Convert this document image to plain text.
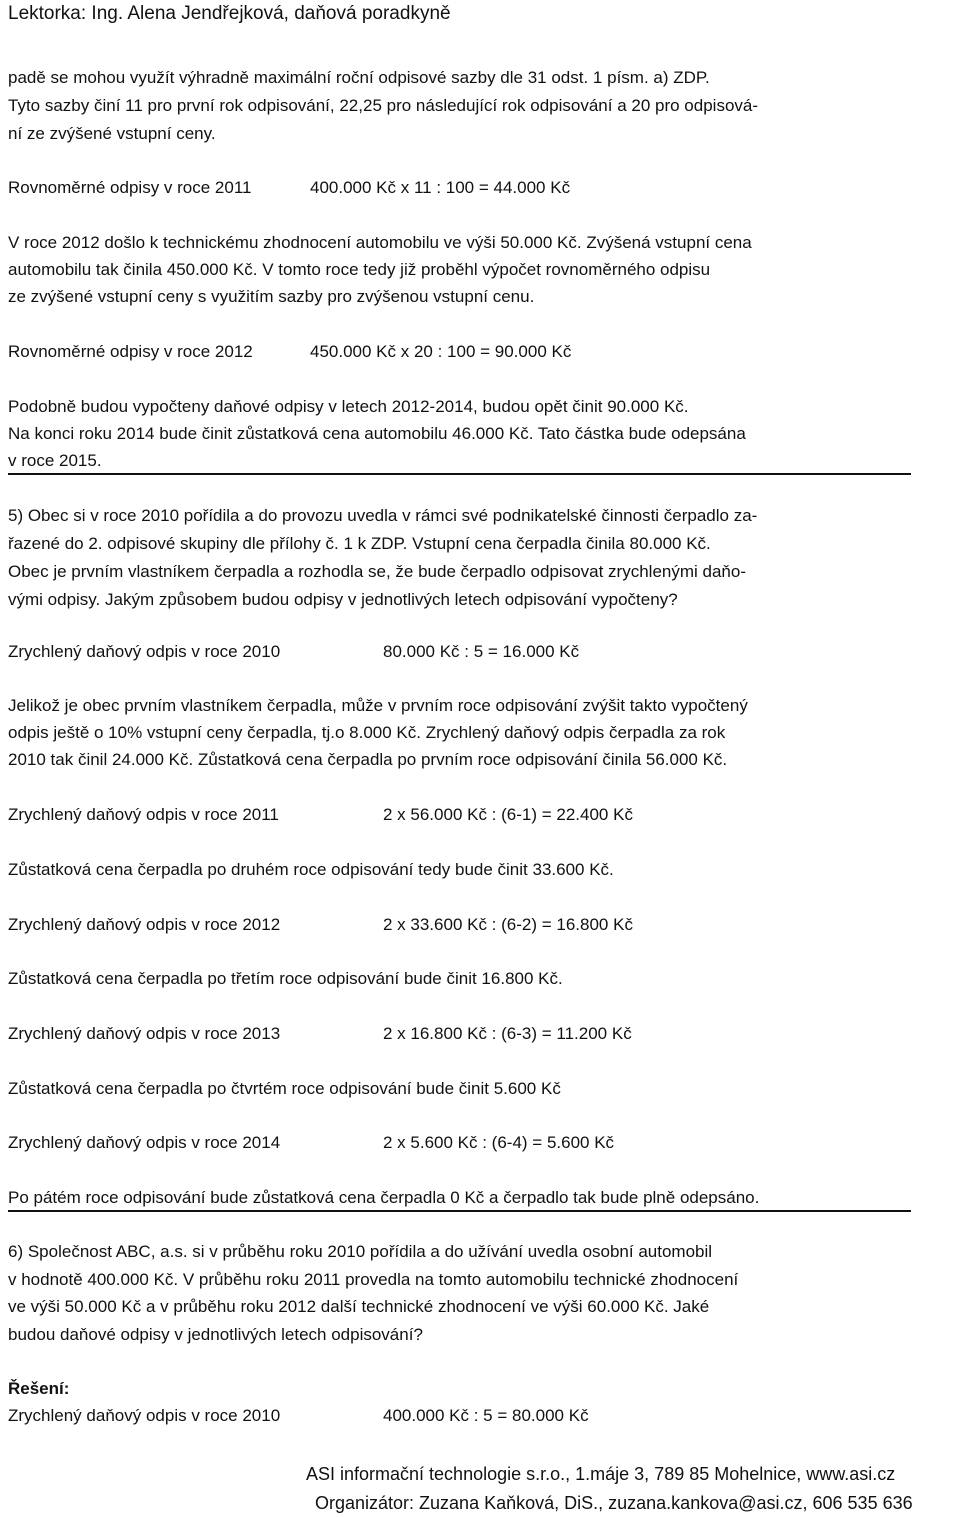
Lektorka: Ing. Alena Jendřejková, daňová poradkyně
padě se mohou využít výhradně maximální roční odpisové sazby dle 31 odst. 1 písm. a) ZDP.
Tyto sazby činí 11 pro první rok odpisování, 22,25 pro následující rok odpisování a 20 pro odpisová-
ní ze zvýšené vstupní ceny.
Rovnoměrné odpisy v roce 2011	400.000 Kč x 11 : 100 = 44.000 Kč
V roce 2012 došlo k technickému zhodnocení automobilu ve výši 50.000 Kč. Zvýšená vstupní cena
automobilu tak činila 450.000 Kč. V tomto roce tedy již proběhl výpočet rovnoměrného odpisu
ze zvýšené vstupní ceny s využitím sazby pro zvýšenou vstupní cenu.
Rovnoměrné odpisy v roce 2012	450.000 Kč x 20 : 100 = 90.000 Kč
Podobně budou vypočteny daňové odpisy v letech 2012-2014, budou opět činit 90.000 Kč.
Na konci roku 2014 bude činit zůstatková cena automobilu 46.000 Kč. Tato částka bude odepsána
v roce 2015.
5) Obec si v roce 2010 pořídila a do provozu uvedla v rámci své podnikatelské činnosti čerpadlo za-
řazené do 2. odpisové skupiny dle přílohy č. 1 k ZDP. Vstupní cena čerpadla činila 80.000 Kč.
Obec je prvním vlastníkem čerpadla a rozhodla se, že bude čerpadlo odpisovat zrychlenými daňo-
vými odpisy. Jakým způsobem budou odpisy v jednotlivých letech odpisování vypočteny?
Zrychlený daňový odpis v roce 2010	80.000 Kč : 5 = 16.000 Kč
Jelikož je obec prvním vlastníkem čerpadla, může v prvním roce odpisování zvýšit takto vypočtený
odpis ještě o 10% vstupní ceny čerpadla, tj.o 8.000 Kč. Zrychlený daňový odpis čerpadla za rok
2010 tak činil 24.000 Kč. Zůstatková cena čerpadla po prvním roce odpisování činila 56.000 Kč.
Zrychlený daňový odpis v roce 2011	2 x 56.000 Kč : (6-1) = 22.400 Kč
Zůstatková cena čerpadla po druhém roce odpisování tedy bude činit 33.600 Kč.
Zrychlený daňový odpis v roce 2012	2 x 33.600 Kč : (6-2) = 16.800 Kč
Zůstatková cena čerpadla po třetím roce odpisování bude činit 16.800 Kč.
Zrychlený daňový odpis v roce 2013	2 x 16.800 Kč : (6-3) = 11.200 Kč
Zůstatková cena čerpadla po čtvrtém roce odpisování bude činit 5.600 Kč
Zrychlený daňový odpis v roce 2014	2 x 5.600 Kč : (6-4) = 5.600 Kč
Po pátém roce odpisování bude zůstatková cena čerpadla 0 Kč a čerpadlo tak bude plně odepsáno.
6) Společnost ABC, a.s. si v průběhu roku 2010 pořídila a do užívání uvedla osobní automobil
v hodnotě 400.000 Kč. V průběhu roku 2011 provedla na tomto automobilu technické zhodnocení
ve výši 50.000 Kč a v průběhu roku 2012 další technické zhodnocení ve výši 60.000 Kč. Jaké
budou daňové odpisy v jednotlivých letech odpisování?
Řešení:
Zrychlený daňový odpis v roce 2010	400.000 Kč : 5 = 80.000 Kč
ASI informační technologie s.r.o., 1.máje 3, 789 85 Mohelnice, www.asi.cz
Organizátor: Zuzana Kaňková, DiS., zuzana.kankova@asi.cz, 606 535 636
